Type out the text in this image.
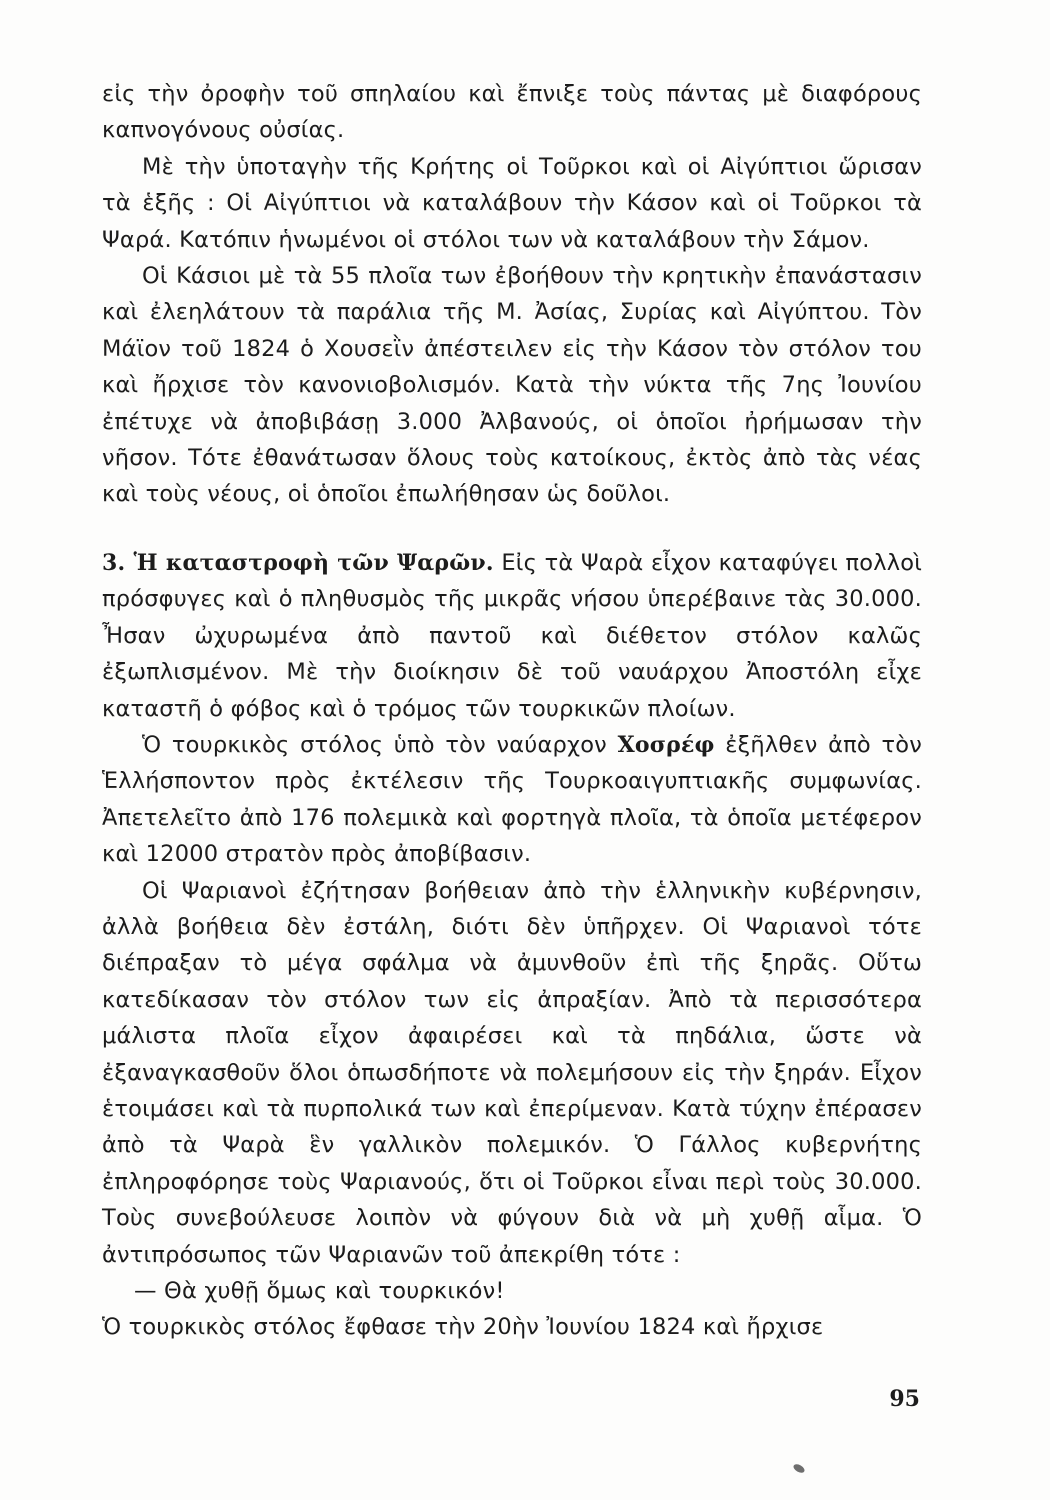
εἰς τὴν ὀροφὴν τοῦ σπηλαίου καὶ ἔπνιξε τοὺς πάντας μὲ διαφόρους καπνογόνους οὐσίας.

Μὲ τὴν ὑποταγὴν τῆς Κρήτης οἱ Τοῦρκοι καὶ οἱ Αἰγύπτιοι ὥρισαν τὰ ἑξῆς : Οἱ Αἰγύπτιοι νὰ καταλάβουν τὴν Κάσον καὶ οἱ Τοῦρκοι τὰ Ψαρά. Κατόπιν ἡνωμένοι οἱ στόλοι των νὰ καταλάβουν τὴν Σάμον.

Οἱ Κάσιοι μὲ τὰ 55 πλοῖα των ἐβοήθουν τὴν κρητικὴν ἐπανάστασιν καὶ ἐλεηλάτουν τὰ παράλια τῆς Μ. Ἀσίας, Συρίας καὶ Αἰγύπτου. Τὸν Μάϊον τοῦ 1824 ὁ Χουσεῒν ἀπέστειλεν εἰς τὴν Κάσον τὸν στόλον του καὶ ἤρχισε τὸν κανονιοβολισμόν. Κατὰ τὴν νύκτα τῆς 7ης Ἰουνίου ἐπέτυχε νὰ ἀποβιβάσῃ 3.000 Ἀλβανούς, οἱ ὁποῖοι ἠρήμωσαν τὴν νῆσον. Τότε ἐθανάτωσαν ὅλους τοὺς κατοίκους, ἐκτὸς ἀπὸ τὰς νέας καὶ τοὺς νέους, οἱ ὁποῖοι ἐπωλήθησαν ὡς δοῦλοι.

3. Ἡ καταστροφὴ τῶν Ψαρῶν. Εἰς τὰ Ψαρὰ εἶχον καταφύγει πολλοὶ πρόσφυγες καὶ ὁ πληθυσμὸς τῆς μικρᾶς νήσου ὑπερέβαινε τὰς 30.000. Ἦσαν ὠχυρωμένα ἀπὸ παντοῦ καὶ διέθετον στόλον καλῶς ἐξωπλισμένον. Μὲ τὴν διοίκησιν δὲ τοῦ ναυάρχου Ἀποστόλη εἶχε καταστῆ ὁ φόβος καὶ ὁ τρόμος τῶν τουρκικῶν πλοίων.

Ὁ τουρκικὸς στόλος ὑπὸ τὸν ναύαρχον Χοσρέφ ἐξῆλθεν ἀπὸ τὸν Ἑλλήσποντον πρὸς ἐκτέλεσιν τῆς Τουρκοαιγυπτιακῆς συμφωνίας. Ἀπετελεῖτο ἀπὸ 176 πολεμικὰ καὶ φορτηγὰ πλοῖα, τὰ ὁποῖα μετέφερον καὶ 12000 στρατὸν πρὸς ἀποβίβασιν.

Οἱ Ψαριανοὶ ἐζήτησαν βοήθειαν ἀπὸ τὴν ἑλληνικὴν κυβέρνησιν, ἀλλὰ βοήθεια δὲν ἐστάλη, διότι δὲν ὑπῆρχεν. Οἱ Ψαριανοὶ τότε διέπραξαν τὸ μέγα σφάλμα νὰ ἀμυνθοῦν ἐπὶ τῆς ξηρᾶς. Οὕτω κατεδίκασαν τὸν στόλον των εἰς ἀπραξίαν. Ἀπὸ τὰ περισσότερα μάλιστα πλοῖα εἶχον ἀφαιρέσει καὶ τὰ πηδάλια, ὥστε νὰ ἐξαναγκασθοῦν ὅλοι ὁπωσδήποτε νὰ πολεμήσουν εἰς τὴν ξηράν. Εἶχον ἑτοιμάσει καὶ τὰ πυρπολικά των καὶ ἐπερίμεναν. Κατὰ τύχην ἐπέρασεν ἀπὸ τὰ Ψαρὰ ἓν γαλλικὸν πολεμικόν. Ὁ Γάλλος κυβερνήτης ἐπληροφόρησε τοὺς Ψαριανούς, ὅτι οἱ Τοῦρκοι εἶναι περὶ τοὺς 30.000. Τοὺς συνεβούλευσε λοιπὸν νὰ φύγουν διὰ νὰ μὴ χυθῇ αἷμα. Ὁ ἀντιπρόσωπος τῶν Ψαριανῶν τοῦ ἀπεκρίθη τότε :

— Θὰ χυθῇ ὅμως καὶ τουρκικόν!

Ὁ τουρκικὸς στόλος ἔφθασε τὴν 20ὴν Ἰουνίου 1824 καὶ ἤρχισε

95
